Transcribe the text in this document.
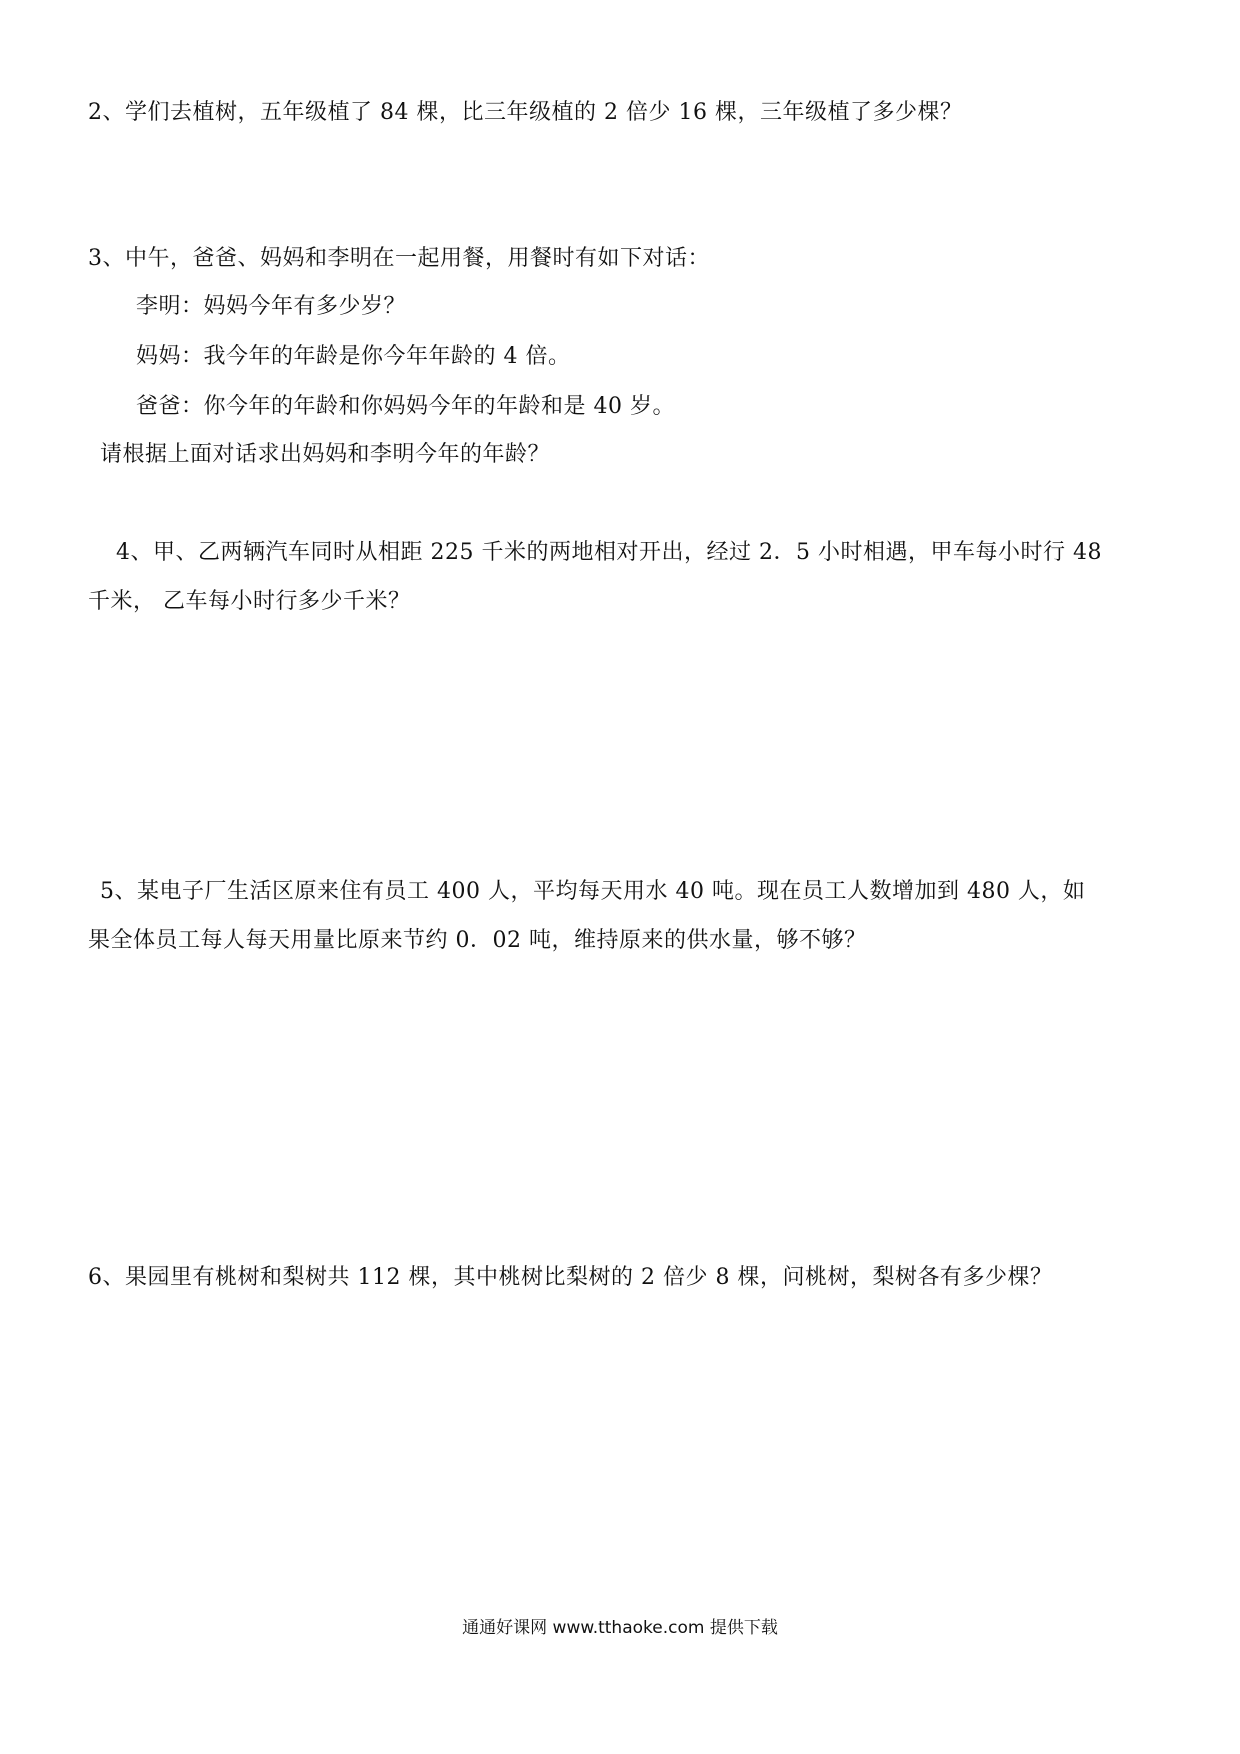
2、学们去植树，五年级植了 84 棵，比三年级植的 2 倍少 16 棵，三年级植了多少棵？
3、中午，爸爸、妈妈和李明在一起用餐，用餐时有如下对话：
李明：妈妈今年有多少岁？
妈妈：我今年的年龄是你今年年龄的 4 倍。
爸爸：你今年的年龄和你妈妈今年的年龄和是 40 岁。
请根据上面对话求出妈妈和李明今年的年龄？
4、甲、乙两辆汽车同时从相距 225 千米的两地相对开出，经过 2．5 小时相遇，甲车每小时行 48
千米， 乙车每小时行多少千米？
5、某电子厂生活区原来住有员工 400 人，平均每天用水 40 吨。现在员工人数增加到 480 人，如
果全体员工每人每天用量比原来节约 0．02 吨，维持原来的供水量，够不够？
6、果园里有桃树和梨树共 112 棵，其中桃树比梨树的 2 倍少 8 棵，问桃树，梨树各有多少棵？
通通好课网 www.tthaoke.com 提供下载
